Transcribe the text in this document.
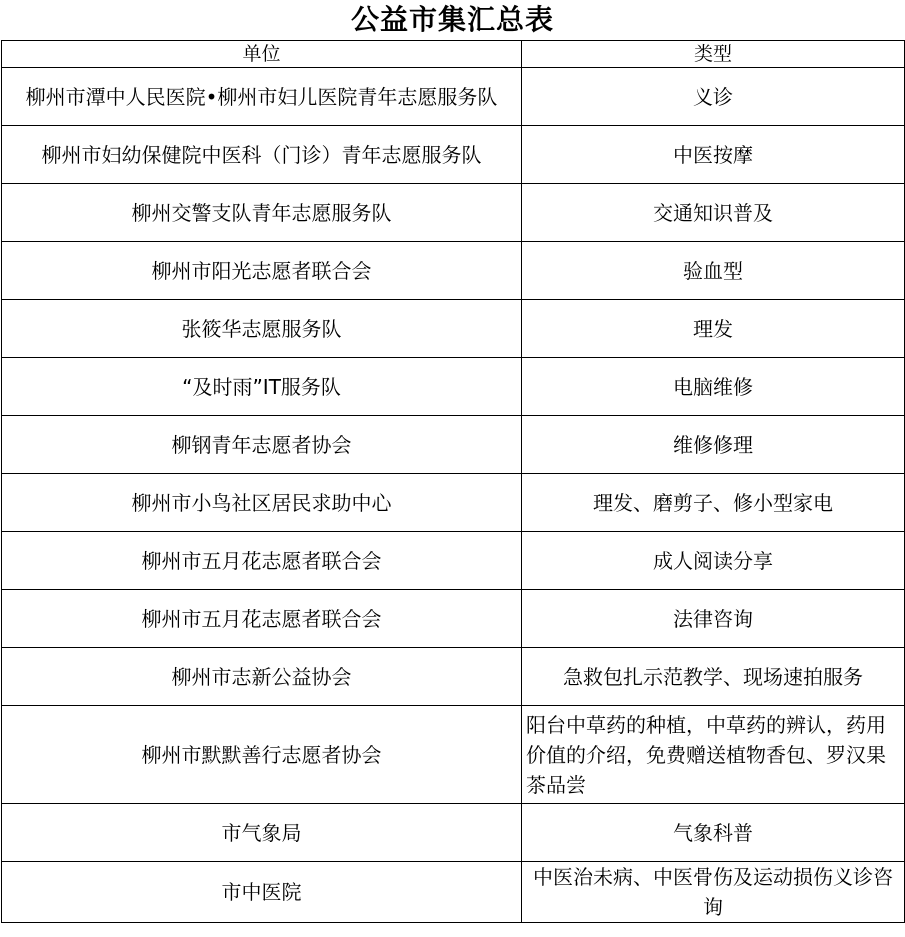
公益市集汇总表
单位	类型
柳州市潭中人民医院•柳州市妇儿医院青年志愿服务队	义诊
柳州市妇幼保健院中医科（门诊）青年志愿服务队	中医按摩
柳州交警支队青年志愿服务队	交通知识普及
柳州市阳光志愿者联合会	验血型
张筱华志愿服务队	理发
“及时雨”IT服务队	电脑维修
柳钢青年志愿者协会	维修修理
柳州市小鸟社区居民求助中心	理发、磨剪子、修小型家电
柳州市五月花志愿者联合会	成人阅读分享
柳州市五月花志愿者联合会	法律咨询
柳州市志新公益协会	急救包扎示范教学、现场速拍服务
柳州市默默善行志愿者协会	阳台中草药的种植，中草药的辨认，药用价值的介绍，免费赠送植物香包、罗汉果茶品尝
市气象局	气象科普
市中医院	中医治未病、中医骨伤及运动损伤义诊咨询
